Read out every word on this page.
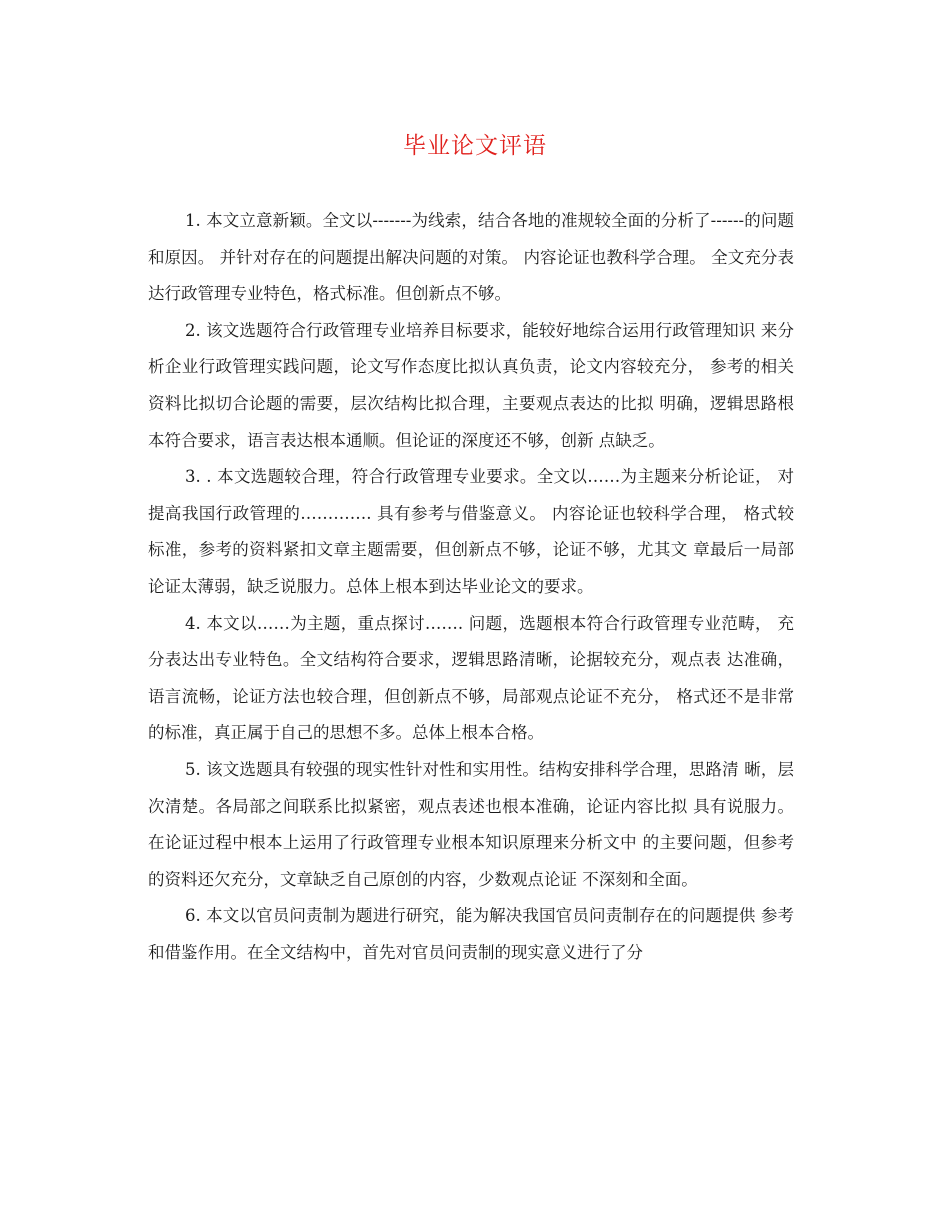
毕业论文评语

1. 本文立意新颖。全文以-------为线索，结合各地的准规较全面的分析了------的问题和原因。 并针对存在的问题提出解决问题的对策。 内容论证也教科学合理。 全文充分表达行政管理专业特色，格式标准。但创新点不够。

2. 该文选题符合行政管理专业培养目标要求，能较好地综合运用行政管理知识 来分析企业行政管理实践问题，论文写作态度比拟认真负责，论文内容较充分， 参考的相关资料比拟切合论题的需要，层次结构比拟合理，主要观点表达的比拟 明确，逻辑思路根本符合要求，语言表达根本通顺。但论证的深度还不够，创新 点缺乏。

3. . 本文选题较合理，符合行政管理专业要求。全文以……为主题来分析论证， 对提高我国行政管理的…………. 具有参考与借鉴意义。 内容论证也较科学合理， 格式较标准，参考的资料紧扣文章主题需要，但创新点不够，论证不够，尤其文 章最后一局部论证太薄弱，缺乏说服力。总体上根本到达毕业论文的要求。

4. 本文以……为主题，重点探讨……. 问题，选题根本符合行政管理专业范畴， 充分表达出专业特色。全文结构符合要求，逻辑思路清晰，论据较充分，观点表 达准确，语言流畅，论证方法也较合理，但创新点不够，局部观点论证不充分， 格式还不是非常的标准，真正属于自己的思想不多。总体上根本合格。

5. 该文选题具有较强的现实性针对性和实用性。结构安排科学合理，思路清 晰，层次清楚。各局部之间联系比拟紧密，观点表述也根本准确，论证内容比拟 具有说服力。 在论证过程中根本上运用了行政管理专业根本知识原理来分析文中 的主要问题，但参考的资料还欠充分，文章缺乏自己原创的内容，少数观点论证 不深刻和全面。

6. 本文以官员问责制为题进行研究，能为解决我国官员问责制存在的问题提供 参考和借鉴作用。在全文结构中，首先对官员问责制的现实意义进行了分
